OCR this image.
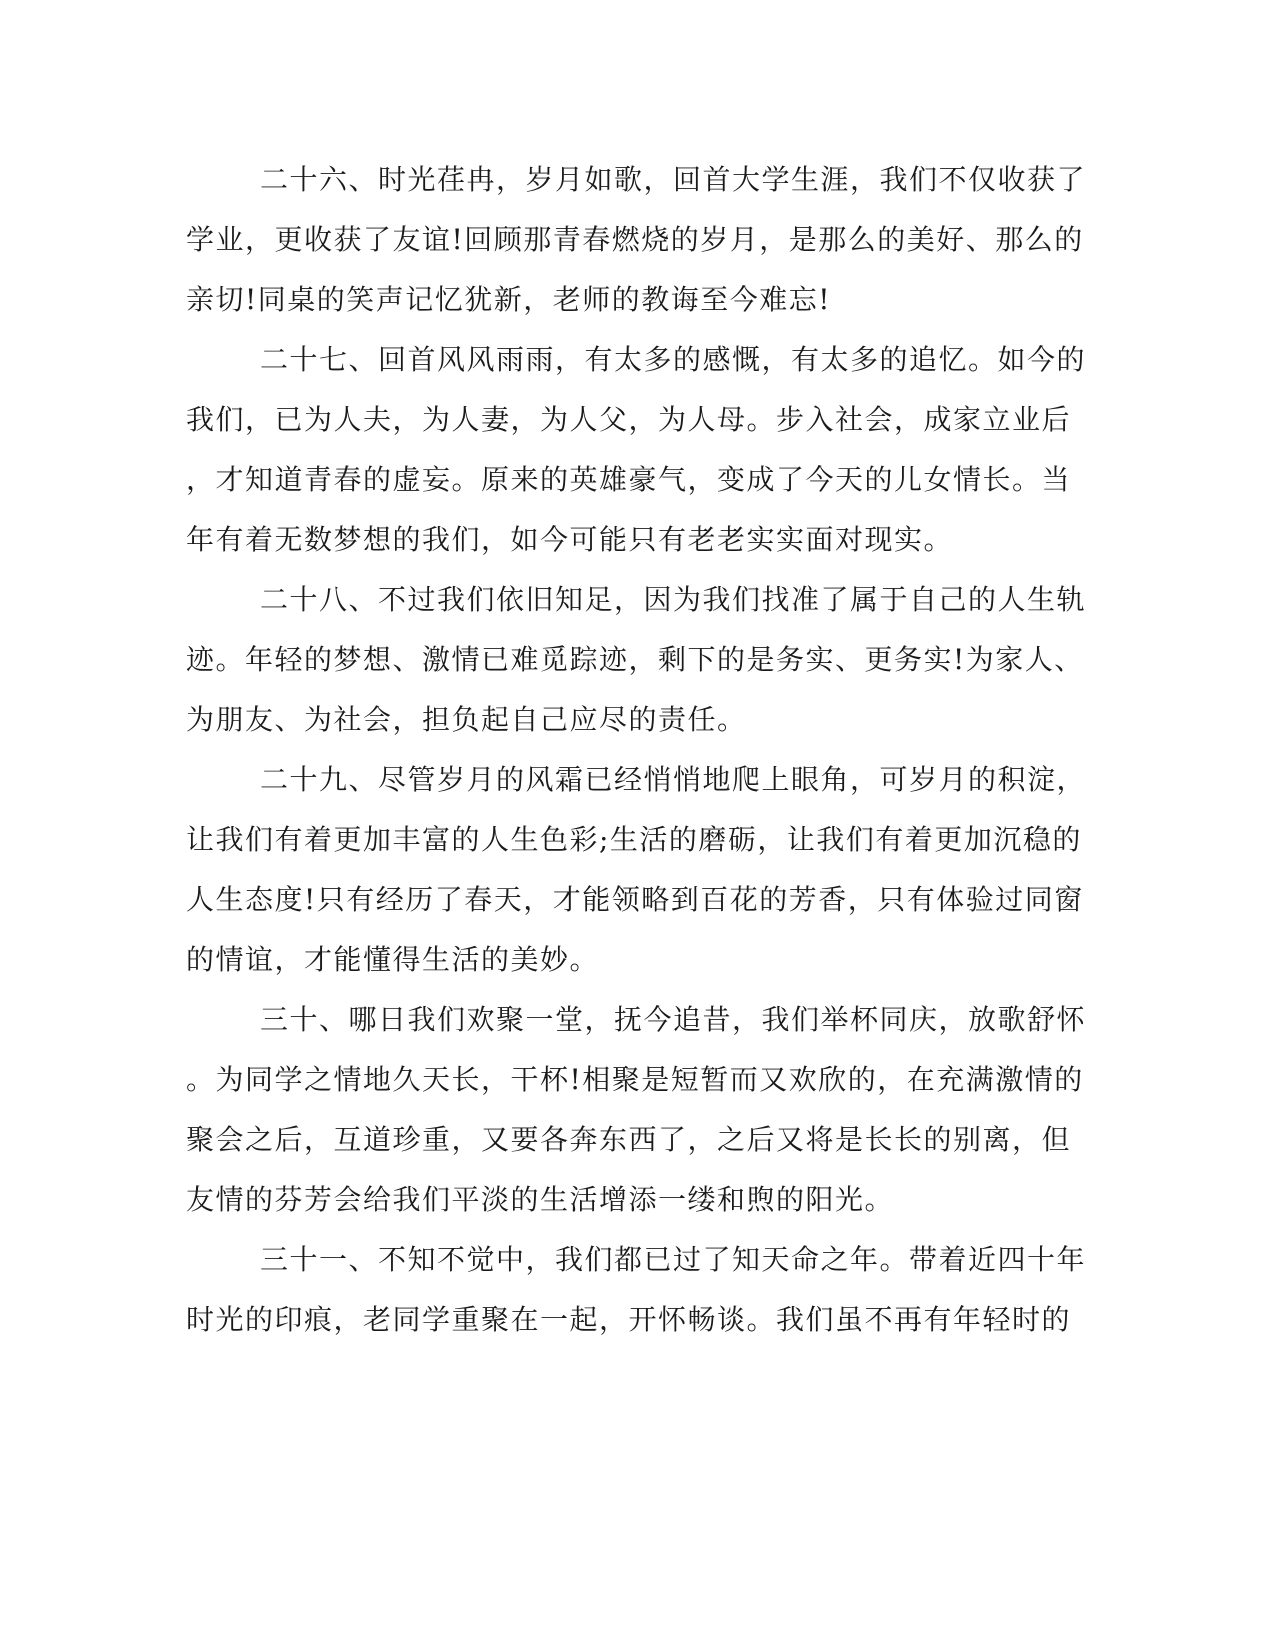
二十六、时光荏冉，岁月如歌，回首大学生涯，我们不仅收获了
学业，更收获了友谊!回顾那青春燃烧的岁月，是那么的美好、那么的
亲切!同桌的笑声记忆犹新，老师的教诲至今难忘!

二十七、回首风风雨雨，有太多的感慨，有太多的追忆。如今的
我们，已为人夫，为人妻，为人父，为人母。步入社会，成家立业后
，才知道青春的虚妄。原来的英雄豪气，变成了今天的儿女情长。当
年有着无数梦想的我们，如今可能只有老老实实面对现实。

二十八、不过我们依旧知足，因为我们找准了属于自己的人生轨
迹。年轻的梦想、激情已难觅踪迹，剩下的是务实、更务实!为家人、
为朋友、为社会，担负起自己应尽的责任。

二十九、尽管岁月的风霜已经悄悄地爬上眼角，可岁月的积淀，
让我们有着更加丰富的人生色彩;生活的磨砺，让我们有着更加沉稳的
人生态度!只有经历了春天，才能领略到百花的芳香，只有体验过同窗
的情谊，才能懂得生活的美妙。

三十、哪日我们欢聚一堂，抚今追昔，我们举杯同庆，放歌舒怀
。为同学之情地久天长，干杯!相聚是短暂而又欢欣的，在充满激情的
聚会之后，互道珍重，又要各奔东西了，之后又将是长长的别离，但
友情的芬芳会给我们平淡的生活增添一缕和煦的阳光。

三十一、不知不觉中，我们都已过了知天命之年。带着近四十年
时光的印痕，老同学重聚在一起，开怀畅谈。我们虽不再有年轻时的
